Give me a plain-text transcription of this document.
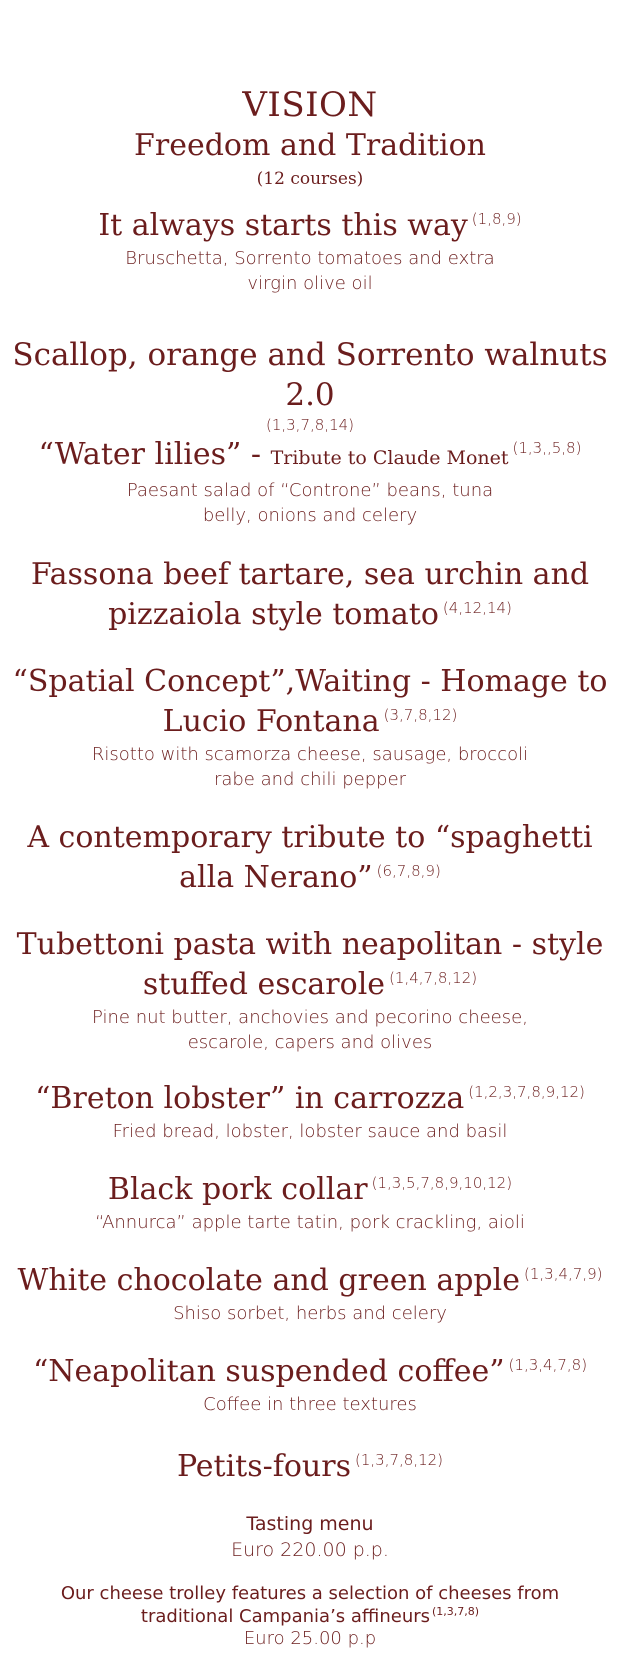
VISION
Freedom and Tradition
(12 courses)
It always starts this way $^{(1,8,9)}$
Bruschetta, Sorrento tomatoes and extra virgin olive oil
Scallop, orange and Sorrento walnuts 2.0
(1,3,7,8,14)
“Water lilies” - Tribute to Claude Monet $^{(1,3,,5,8)}$
Paesant salad of “Controne” beans, tuna belly, onions and celery
Fassona beef tartare, sea urchin and
pizzaiola style tomato $^{(4,12,14)}$
“Spatial Concept”,Waiting - Homage to
Lucio Fontana $^{(3,7,8,12)}$
Risotto with scamorza cheese, sausage, broccoli rabe and chili pepper
A contemporary tribute to “spaghetti
alla Nerano” $^{(6,7,8,9)}$
Tubettoni pasta with neapolitan - style
stuffed escarole $^{(1,4,7,8,12)}$
Pine nut butter, anchovies and pecorino cheese, escarole, capers and olives
“Breton lobster” in carrozza $^{(1,2,3,7,8,9,12)}$
Fried bread, lobster, lobster sauce and basil
Black pork collar $^{(1,3,5,7,8,9,10,12)}$
“Annurca” apple tarte tatin, pork crackling, aioli
White chocolate and green apple $^{(1,3,4,7,9)}$
Shiso sorbet, herbs and celery
“Neapolitan suspended coffee” $^{(1,3,4,7,8)}$
Coffee in three textures
Petits-fours $^{(1,3,7,8,12)}$
Tasting menu
Euro 220.00 p.p.
Our cheese trolley features a selection of cheeses from
traditional Campania’s affineurs $^{(1,3,7,8)}$
Euro 25.00 p.p
